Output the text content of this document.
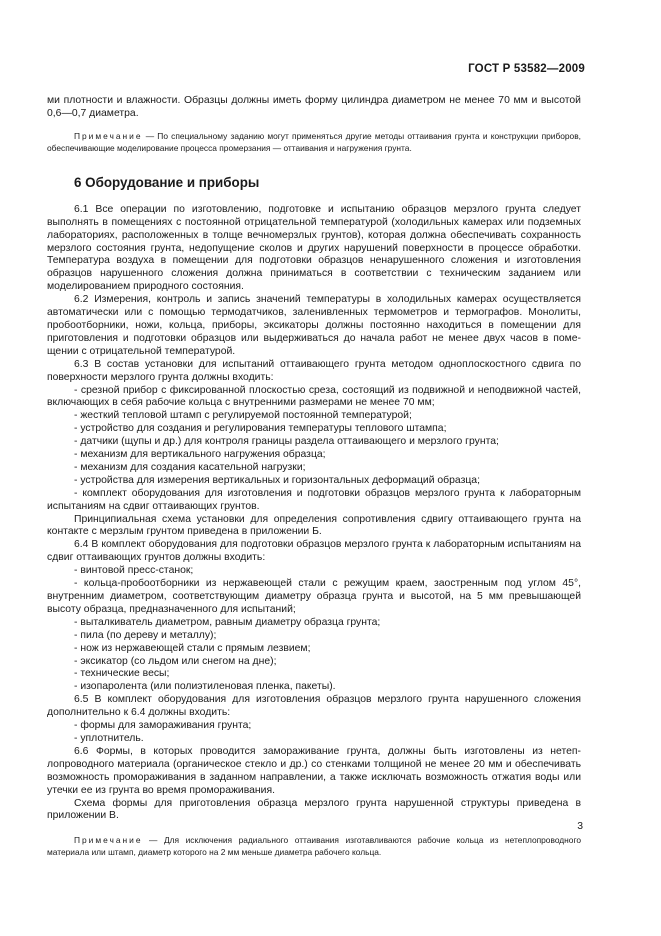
ГОСТ Р 53582—2009

ми плотности и влажности. Образцы должны иметь форму цилиндра диаметром не менее 70 мм и высотой 0,6—0,7 диаметра.

Примечание — По специальному заданию могут применяться другие методы оттаивания грунта и конструкции приборов, обеспечивающие моделирование процесса промерзания — оттаивания и нагружения грунта.

6 Оборудование и приборы

6.1 Все операции по изготовлению, подготовке и испытанию образцов мерзлого грунта следует выполнять в помещениях с постоянной отрицательной температурой (холодильных камерах или подземных лабораториях, расположенных в толще вечномерзлых грунтов), которая должна обеспечивать сохранность мерзлого состояния грунта, недопущение сколов и других нарушений поверхности в процессе обработки. Температура воздуха в помещении для подготовки образцов ненарушенного сложения и изготовления образцов нарушенного сложения должна приниматься в соответствии с техническим заданием или моделированием природного состояния.

6.2 Измерения, контроль и запись значений температуры в холодильных камерах осуществляется автоматически или с помощью термодатчиков, заленивленных термометров и термографов. Монолиты, пробоотборники, ножи, кольца, приборы, эксикаторы должны постоянно находиться в помещении для приготовления и подготовки образцов или выдерживаться до начала работ не менее двух часов в помещении с отрицательной температурой.

6.3 В состав установки для испытаний оттаивающего грунта методом одноплоскостного сдвига по поверхности мерзлого грунта должны входить:

- срезной прибор с фиксированной плоскостью среза, состоящий из подвижной и неподвижной частей, включающих в себя рабочие кольца с внутренними размерами не менее 70 мм;

- жесткий тепловой штамп с регулируемой постоянной температурой;

- устройство для создания и регулирования температуры теплового штампа;

- датчики (щупы и др.) для контроля границы раздела оттаивающего и мерзлого грунта;

- механизм для вертикального нагружения образца;

- механизм для создания касательной нагрузки;

- устройства для измерения вертикальных и горизонтальных деформаций образца;

- комплект оборудования для изготовления и подготовки образцов мерзлого грунта к лабораторным испытаниям на сдвиг оттаивающих грунтов.

Принципиальная схема установки для определения сопротивления сдвигу оттаивающего грунта на контакте с мерзлым грунтом приведена в приложении Б.

6.4 В комплект оборудования для подготовки образцов мерзлого грунта к лабораторным испытаниям на сдвиг оттаивающих грунтов должны входить:

- винтовой пресс-станок;

- кольца-пробоотборники из нержавеющей стали с режущим краем, заостренным под углом 45°, внутренним диаметром, соответствующим диаметру образца грунта и высотой, на 5 мм превышающей высоту образца, предназначенного для испытаний;

- выталкиватель диаметром, равным диаметру образца грунта;

- пила (по дереву и металлу);

- нож из нержавеющей стали с прямым лезвием;

- эксикатор (со льдом или снегом на дне);

- технические весы;

- изопаролента (или полиэтиленовая пленка, пакеты).

6.5 В комплект оборудования для изготовления образцов мерзлого грунта нарушенного сложения дополнительно к 6.4 должны входить:

- формы для замораживания грунта;

- уплотнитель.

6.6 Формы, в которых проводится замораживание грунта, должны быть изготовлены из нетеплопроводного материала (органическое стекло и др.) со стенками толщиной не менее 20 мм и обеспечивать возможность промораживания в заданном направлении, а также исключать возможность отжатия воды или утечки ее из грунта во время промораживания.

Схема формы для приготовления образца мерзлого грунта нарушенной структуры приведена в приложении В.

Примечание — Для исключения радиального оттаивания изготавливаются рабочие кольца из нетеплопроводного материала или штамп, диаметр которого на 2 мм меньше диаметра рабочего кольца.

3
